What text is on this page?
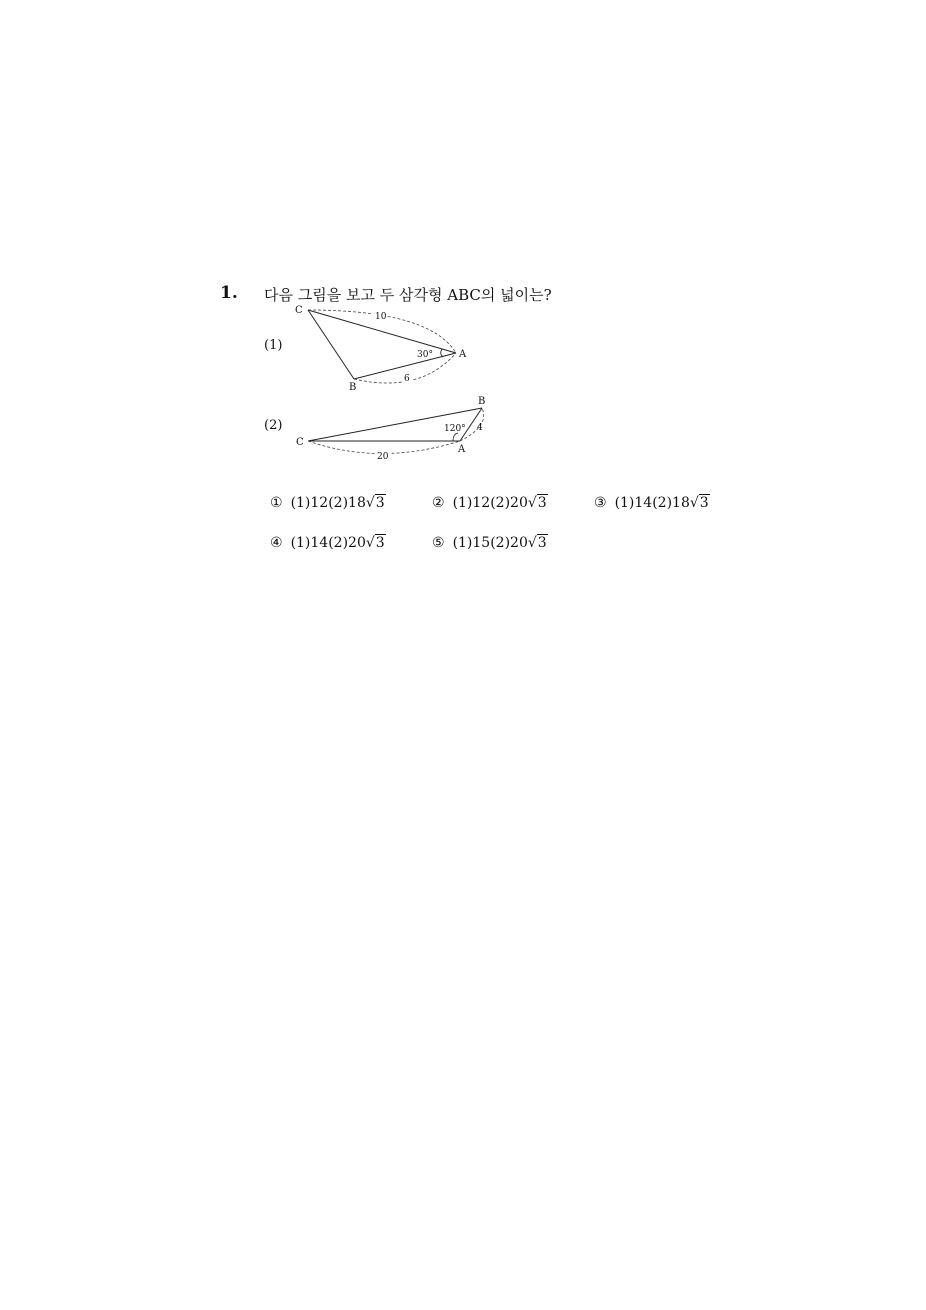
1. 다음 그림을 보고 두 삼각형 ABC의 넓이는?
(1)
10
6
30°
C
A
B
(2)
20
4
120°
C
A
B
① (1)12(2)18√3	② (1)12(2)20√3	③ (1)14(2)18√3
④ (1)14(2)20√3	⑤ (1)15(2)20√3
